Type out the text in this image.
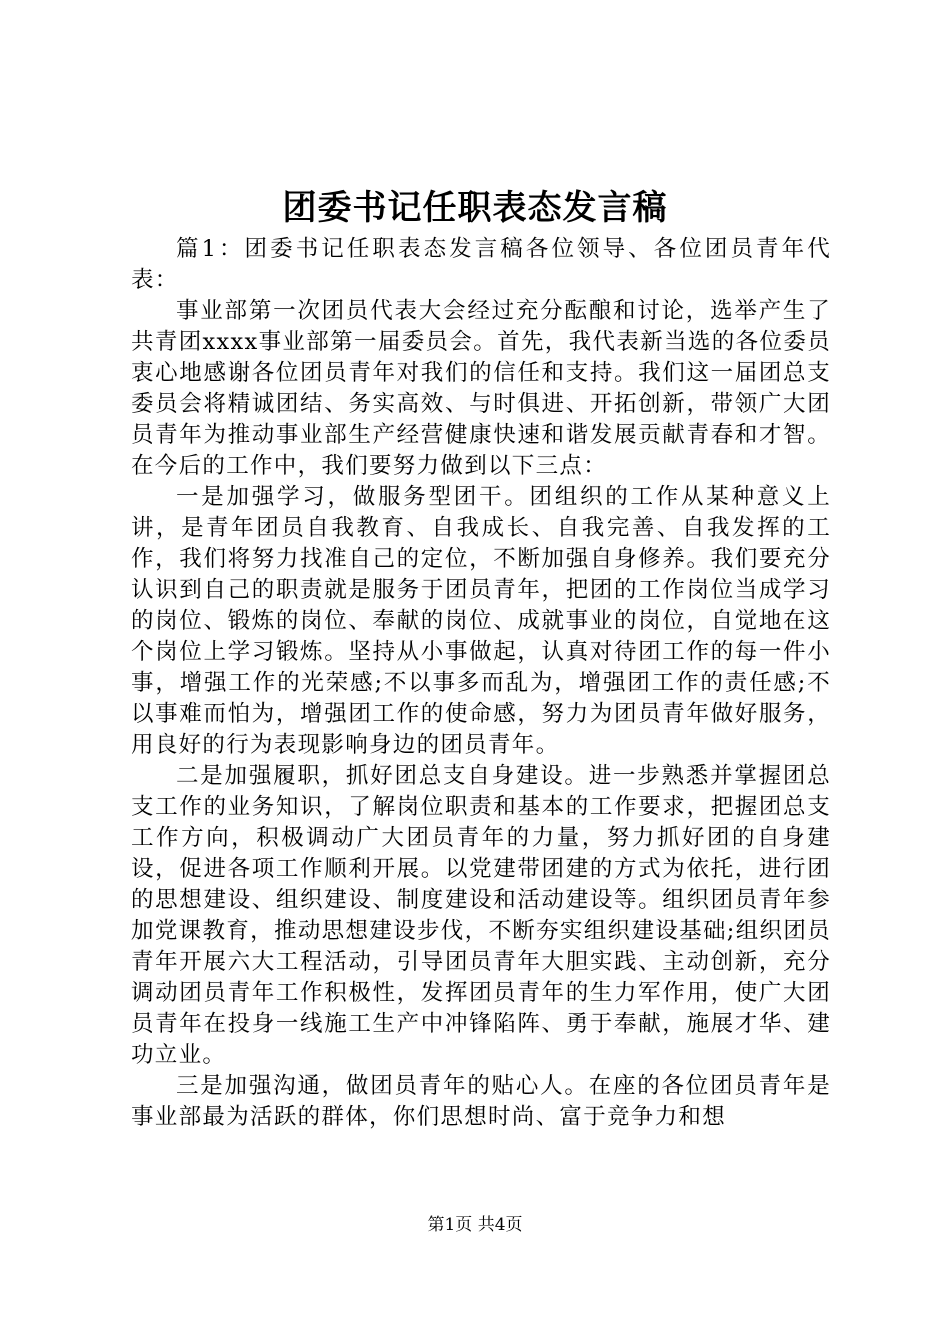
团委书记任职表态发言稿

篇1：团委书记任职表态发言稿各位领导、各位团员青年代表：

事业部第一次团员代表大会经过充分酝酿和讨论，选举产生了共青团xxxx事业部第一届委员会。首先，我代表新当选的各位委员衷心地感谢各位团员青年对我们的信任和支持。我们这一届团总支委员会将精诚团结、务实高效、与时俱进、开拓创新，带领广大团员青年为推动事业部生产经营健康快速和谐发展贡献青春和才智。在今后的工作中，我们要努力做到以下三点：

一是加强学习，做服务型团干。团组织的工作从某种意义上讲，是青年团员自我教育、自我成长、自我完善、自我发挥的工作，我们将努力找准自己的定位，不断加强自身修养。我们要充分认识到自己的职责就是服务于团员青年，把团的工作岗位当成学习的岗位、锻炼的岗位、奉献的岗位、成就事业的岗位，自觉地在这个岗位上学习锻炼。坚持从小事做起，认真对待团工作的每一件小事，增强工作的光荣感;不以事多而乱为，增强团工作的责任感;不以事难而怕为，增强团工作的使命感，努力为团员青年做好服务，用良好的行为表现影响身边的团员青年。

二是加强履职，抓好团总支自身建设。进一步熟悉并掌握团总支工作的业务知识，了解岗位职责和基本的工作要求，把握团总支工作方向，积极调动广大团员青年的力量，努力抓好团的自身建设，促进各项工作顺利开展。以党建带团建的方式为依托，进行团的思想建设、组织建设、制度建设和活动建设等。组织团员青年参加党课教育，推动思想建设步伐，不断夯实组织建设基础;组织团员青年开展六大工程活动，引导团员青年大胆实践、主动创新，充分调动团员青年工作积极性，发挥团员青年的生力军作用，使广大团员青年在投身一线施工生产中冲锋陷阵、勇于奉献，施展才华、建功立业。

三是加强沟通，做团员青年的贴心人。在座的各位团员青年是事业部最为活跃的群体，你们思想时尚、富于竞争力和想

第1页 共4页
